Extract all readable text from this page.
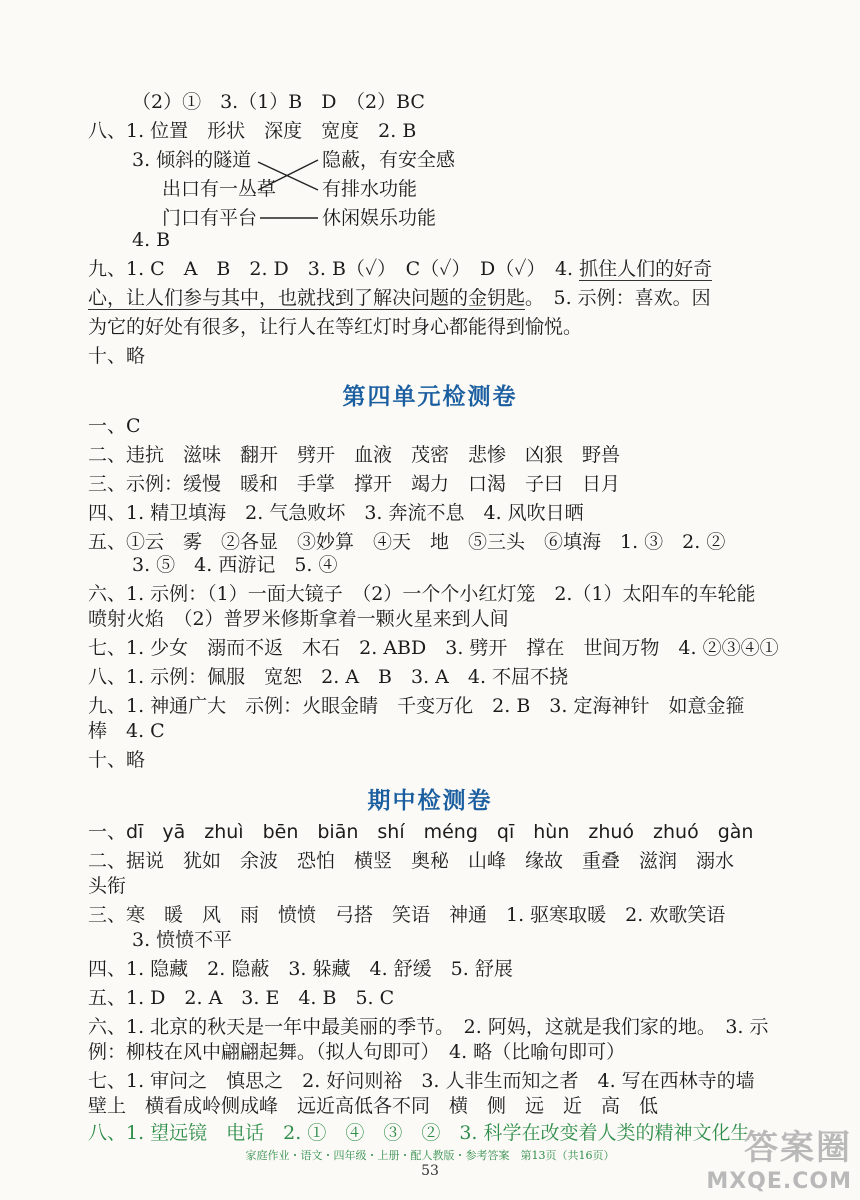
（2）①　3.（1）B　D　（2）BC
八、1. 位置　形状　深度　宽度　2. B
3. 倾斜的隧道	隐蔽，有安全感
出口有一丛草 有排水功能
门口有平台	休闲娱乐功能
4. B
九、1. C　A　B　2. D　3. B（✓）　C（✓）　D（✓）　4. 抓住人们的好奇
心，让人们参与其中，也就找到了解决问题的金钥匙。　5. 示例：喜欢。因
为它的好处有很多，让行人在等红灯时身心都能得到愉悦。
十、略
第四单元检测卷
一、C
二、违抗　滋味　翻开　劈开　血液　茂密　悲惨　凶狠　野兽
三、示例：缓慢　暖和　手掌　撑开　竭力　口渴　子曰　日月
四、1. 精卫填海　2. 气急败坏　3. 奔流不息　4. 风吹日晒
五、①云　雾　②各显　③妙算　④天　地　⑤三头　⑥填海　1. ③　2. ②
3. ⑤　4. 西游记　5. ④
六、1. 示例：（1）一面大镜子　（2）一个个小红灯笼　2.（1）太阳车的车轮能
喷射火焰　（2）普罗米修斯拿着一颗火星来到人间
七、1. 少女　溺而不返　木石　2. ABD　3. 劈开　撑在　世间万物　4. ②③④①
八、1. 示例：佩服　宽恕　2. A　B　3. A　4. 不屈不挠
九、1. 神通广大　示例：火眼金睛　千变万化　2. B　3. 定海神针　如意金箍
棒　4. C
十、略
期中检测卷
一、dī　yā　zhuì　bēn　biān　shí　méng　qī　hùn　zhuó　zhuó　gàn
二、据说　犹如　余波　恐怕　横竖　奥秘　山峰　缘故　重叠　滋润　溺水
头衔
三、寒　暖　风　雨　愤愤　弓搭　笑语　神通　1. 驱寒取暖　2. 欢歌笑语
3. 愤愤不平
四、1. 隐藏　2. 隐蔽　3. 躲藏　4. 舒缓　5. 舒展
五、1. D　2. A　3. E　4. B　5. C
六、1. 北京的秋天是一年中最美丽的季节。　2. 阿妈，这就是我们家的地。　3. 示
例：柳枝在风中翩翩起舞。（拟人句即可）　4. 略（比喻句即可）
七、1. 审问之　慎思之　2. 好问则裕　3. 人非生而知之者　4. 写在西林寺的墙
壁上　横看成岭侧成峰　远近高低各不同　横　侧　远　近　高　低
八、1. 望远镜　电话　2. ①　④　③　②　3. 科学在改变着人类的精神文化生
家庭作业・语文・四年级・上册・配人教版・参考答案　第13页（共16页）
53
答案圈
MXQE.COM
